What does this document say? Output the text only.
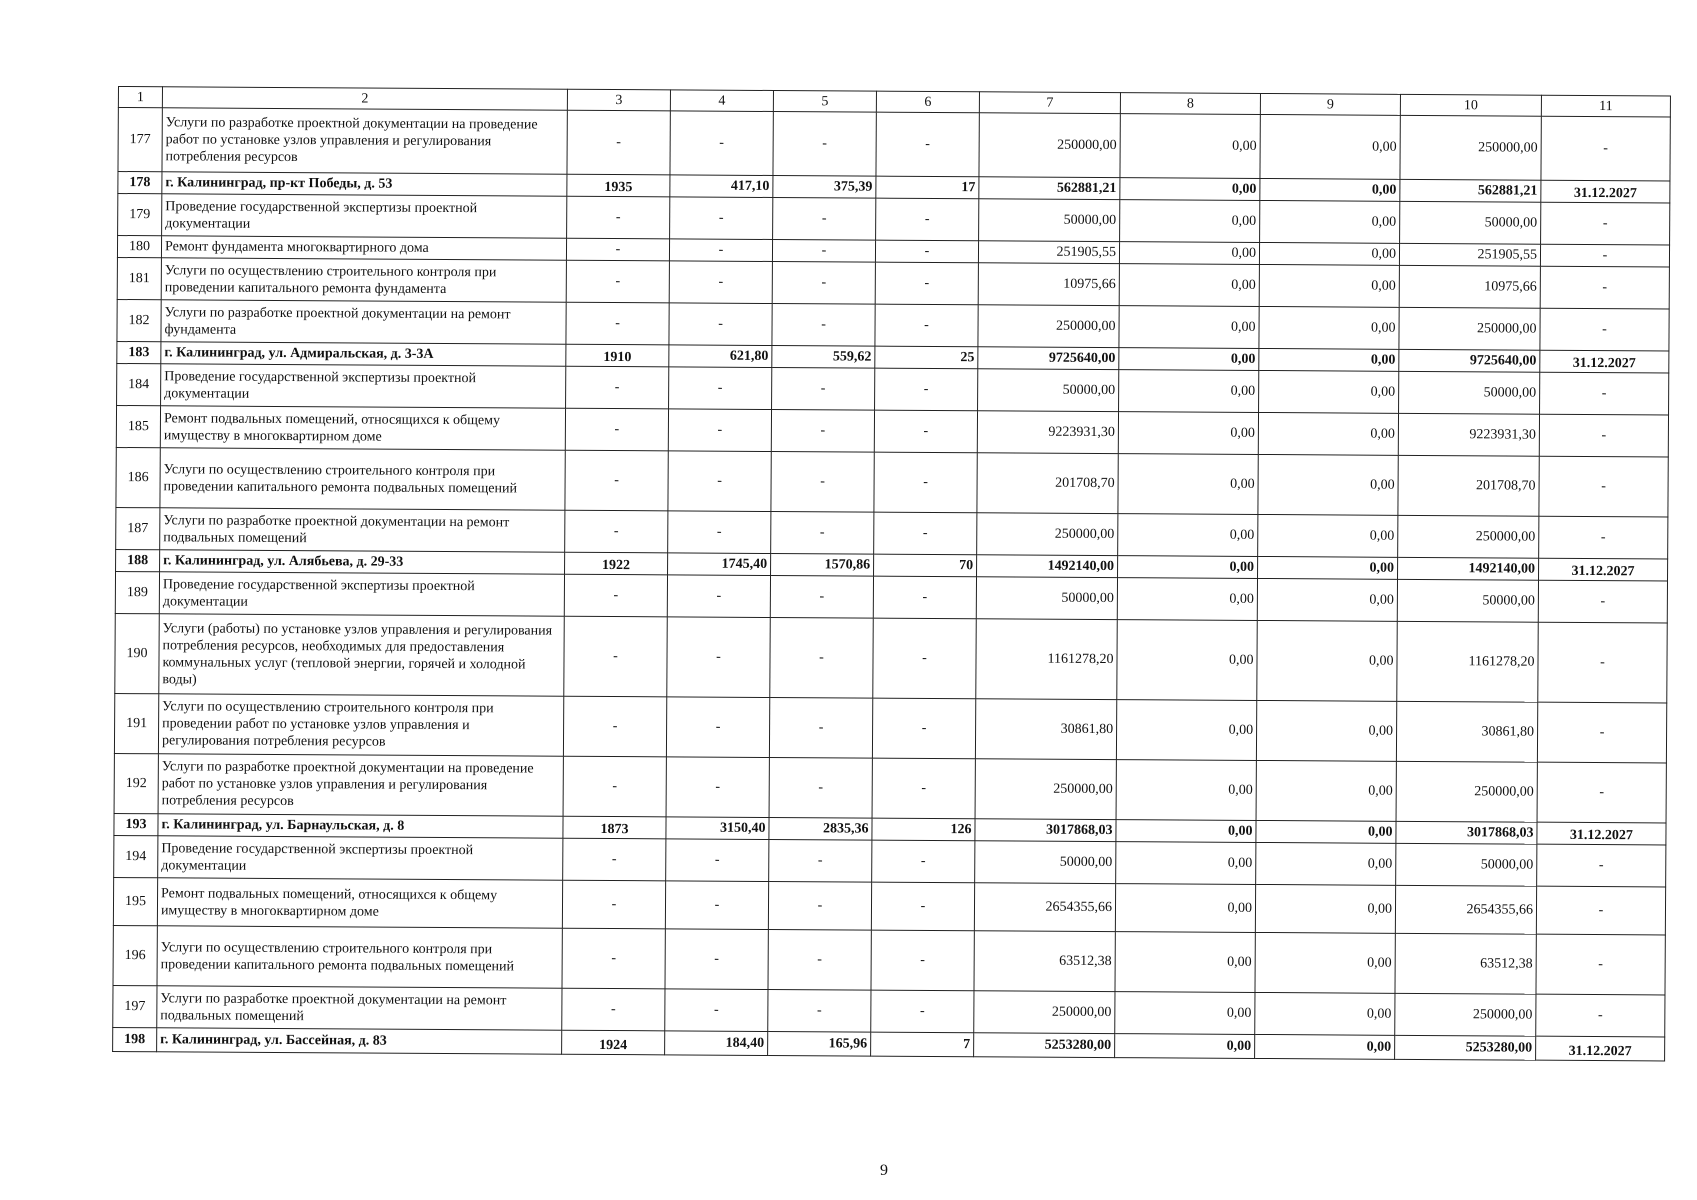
1	2	3	4	5	6	7	8	9	10	11
177	Услуги по разработке проектной документации на проведение работ по установке узлов управления и регулирования потребления ресурсов	-	-	-	-	250000,00	0,00	0,00	250000,00	-
178	г. Калининград, пр-кт Победы, д. 53	1935	417,10	375,39	17	562881,21	0,00	0,00	562881,21	31.12.2027
179	Проведение государственной экспертизы проектной документации	-	-	-	-	50000,00	0,00	0,00	50000,00	-
180	Ремонт фундамента многоквартирного дома	-	-	-	-	251905,55	0,00	0,00	251905,55	-
181	Услуги по осуществлению строительного контроля при проведении капитального ремонта фундамента	-	-	-	-	10975,66	0,00	0,00	10975,66	-
182	Услуги по разработке проектной документации на ремонт фундамента	-	-	-	-	250000,00	0,00	0,00	250000,00	-
183	г. Калининград, ул. Адмиральская, д. 3-3А	1910	621,80	559,62	25	9725640,00	0,00	0,00	9725640,00	31.12.2027
184	Проведение государственной экспертизы проектной документации	-	-	-	-	50000,00	0,00	0,00	50000,00	-
185	Ремонт подвальных помещений, относящихся к общему имуществу в многоквартирном доме	-	-	-	-	9223931,30	0,00	0,00	9223931,30	-
186	Услуги по осуществлению строительного контроля при проведении капитального ремонта подвальных помещений	-	-	-	-	201708,70	0,00	0,00	201708,70	-
187	Услуги по разработке проектной документации на ремонт подвальных помещений	-	-	-	-	250000,00	0,00	0,00	250000,00	-
188	г. Калининград, ул. Алябьева, д. 29-33	1922	1745,40	1570,86	70	1492140,00	0,00	0,00	1492140,00	31.12.2027
189	Проведение государственной экспертизы проектной документации	-	-	-	-	50000,00	0,00	0,00	50000,00	-
190	Услуги (работы) по установке узлов управления и регулирования потребления ресурсов, необходимых для предоставления коммунальных услуг (тепловой энергии, горячей и холодной воды)	-	-	-	-	1161278,20	0,00	0,00	1161278,20	-
191	Услуги по осуществлению строительного контроля при проведении работ по установке узлов управления и регулирования потребления ресурсов	-	-	-	-	30861,80	0,00	0,00	30861,80	-
192	Услуги по разработке проектной документации на проведение работ по установке узлов управления и регулирования потребления ресурсов	-	-	-	-	250000,00	0,00	0,00	250000,00	-
193	г. Калининград, ул. Барнаульская, д. 8	1873	3150,40	2835,36	126	3017868,03	0,00	0,00	3017868,03	31.12.2027
194	Проведение государственной экспертизы проектной документации	-	-	-	-	50000,00	0,00	0,00	50000,00	-
195	Ремонт подвальных помещений, относящихся к общему имуществу в многоквартирном доме	-	-	-	-	2654355,66	0,00	0,00	2654355,66	-
196	Услуги по осуществлению строительного контроля при проведении капитального ремонта подвальных помещений	-	-	-	-	63512,38	0,00	0,00	63512,38	-
197	Услуги по разработке проектной документации на ремонт подвальных помещений	-	-	-	-	250000,00	0,00	0,00	250000,00	-
198	г. Калининград, ул. Бассейная, д. 83	1924	184,40	165,96	7	5253280,00	0,00	0,00	5253280,00	31.12.2027
9
